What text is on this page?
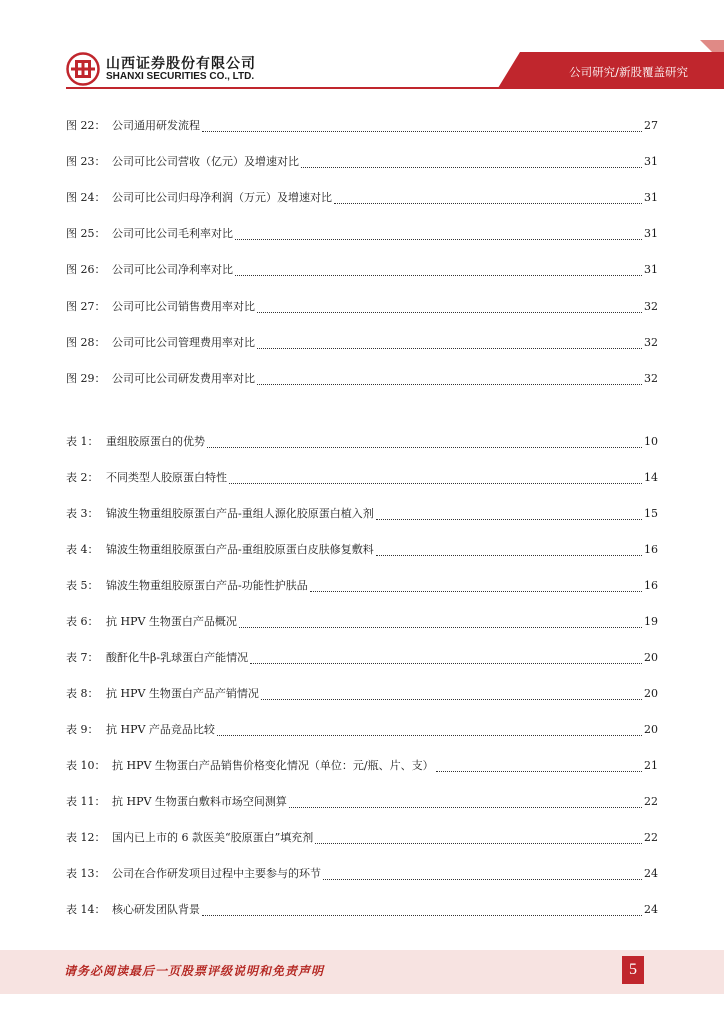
山西证券股份有限公司
SHANXI SECURITIES CO., LTD.	公司研究/新股覆盖研究
图 22： 公司通用研发流程	27
图 23： 公司可比公司营收（亿元）及增速对比	31
图 24： 公司可比公司归母净利润（万元）及增速对比	31
图 25： 公司可比公司毛利率对比	31
图 26： 公司可比公司净利率对比	31
图 27： 公司可比公司销售费用率对比	32
图 28： 公司可比公司管理费用率对比	32
图 29： 公司可比公司研发费用率对比	32
表 1： 重组胶原蛋白的优势	10
表 2： 不同类型人胶原蛋白特性	14
表 3： 锦波生物重组胶原蛋白产品-重组人源化胶原蛋白植入剂	15
表 4： 锦波生物重组胶原蛋白产品-重组胶原蛋白皮肤修复敷料	16
表 5： 锦波生物重组胶原蛋白产品-功能性护肤品	16
表 6： 抗 HPV 生物蛋白产品概况	19
表 7： 酸酐化牛β-乳球蛋白产能情况	20
表 8： 抗 HPV 生物蛋白产品产销情况	20
表 9： 抗 HPV 产品竞品比较	20
表 10： 抗 HPV 生物蛋白产品销售价格变化情况（单位：元/瓶、片、支）	21
表 11： 抗 HPV 生物蛋白敷料市场空间测算	22
表 12： 国内已上市的 6 款医美“胶原蛋白”填充剂	22
表 13： 公司在合作研发项目过程中主要参与的环节	24
表 14： 核心研发团队背景	24
请务必阅读最后一页股票评级说明和免责声明	5
